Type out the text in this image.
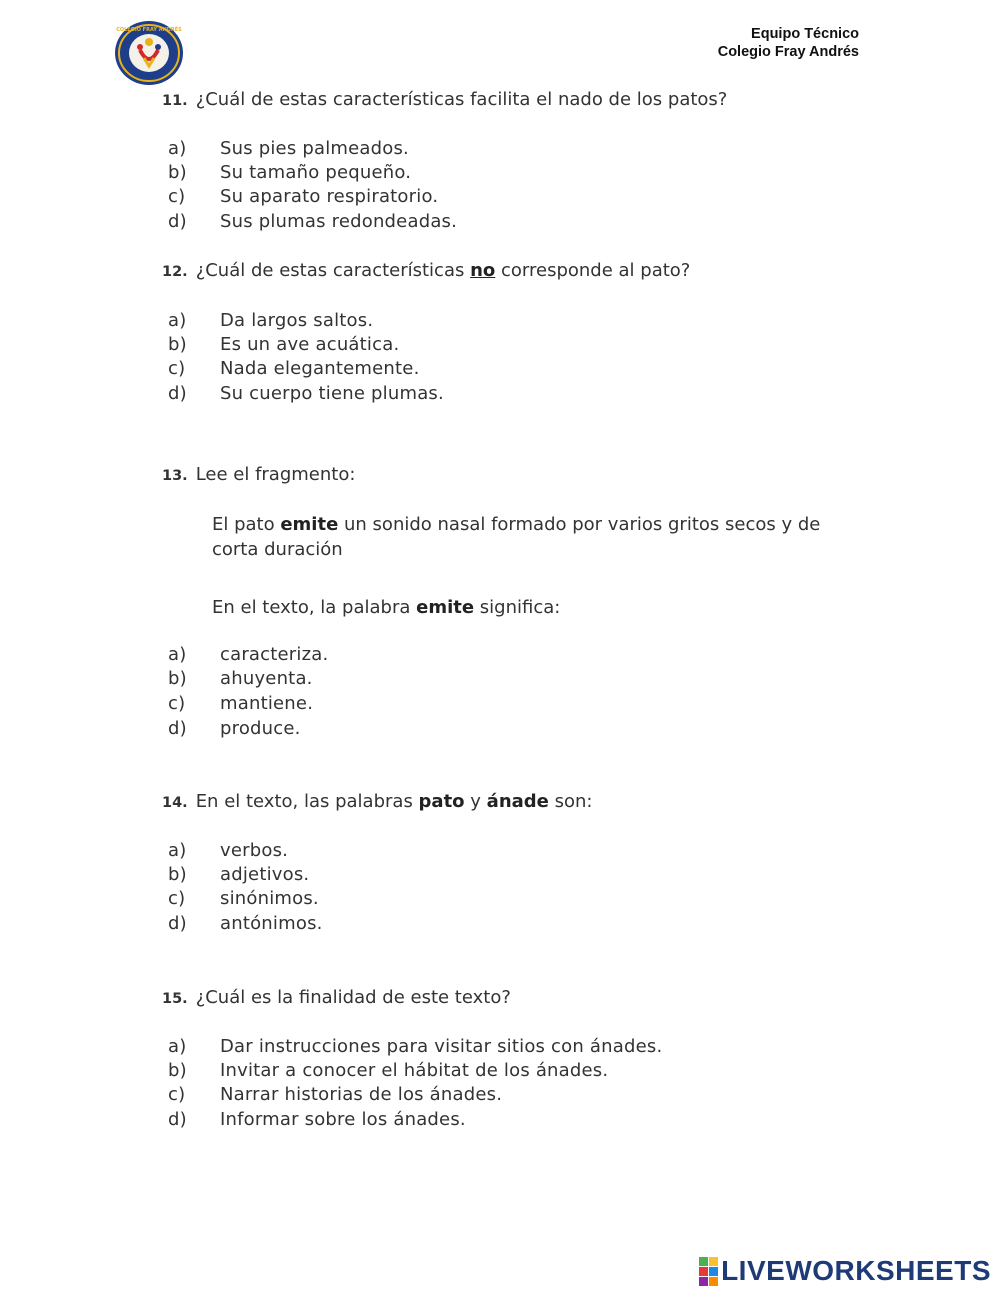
COLEGIO FRAY ANDRÉS	Equipo Técnico
Colegio Fray Andrés
11. ¿Cuál de estas características facilita el nado de los patos?
a) Sus pies palmeados.
b) Su tamaño pequeño.
c) Su aparato respiratorio.
d) Sus plumas redondeadas.
12. ¿Cuál de estas características no corresponde al pato?
a) Da largos saltos.
b) Es un ave acuática.
c) Nada elegantemente.
d) Su cuerpo tiene plumas.
13. Lee el fragmento:
El pato emite un sonido nasal formado por varios gritos secos y de corta duración
En el texto, la palabra emite significa:
a) caracteriza.
b) ahuyenta.
c) mantiene.
d) produce.
14. En el texto, las palabras pato y ánade son:
a) verbos.
b) adjetivos.
c) sinónimos.
d) antónimos.
15. ¿Cuál es la finalidad de este texto?
a) Dar instrucciones para visitar sitios con ánades.
b) Invitar a conocer el hábitat de los ánades.
c) Narrar historias de los ánades.
d) Informar sobre los ánades.
LIVEWORKSHEETS
